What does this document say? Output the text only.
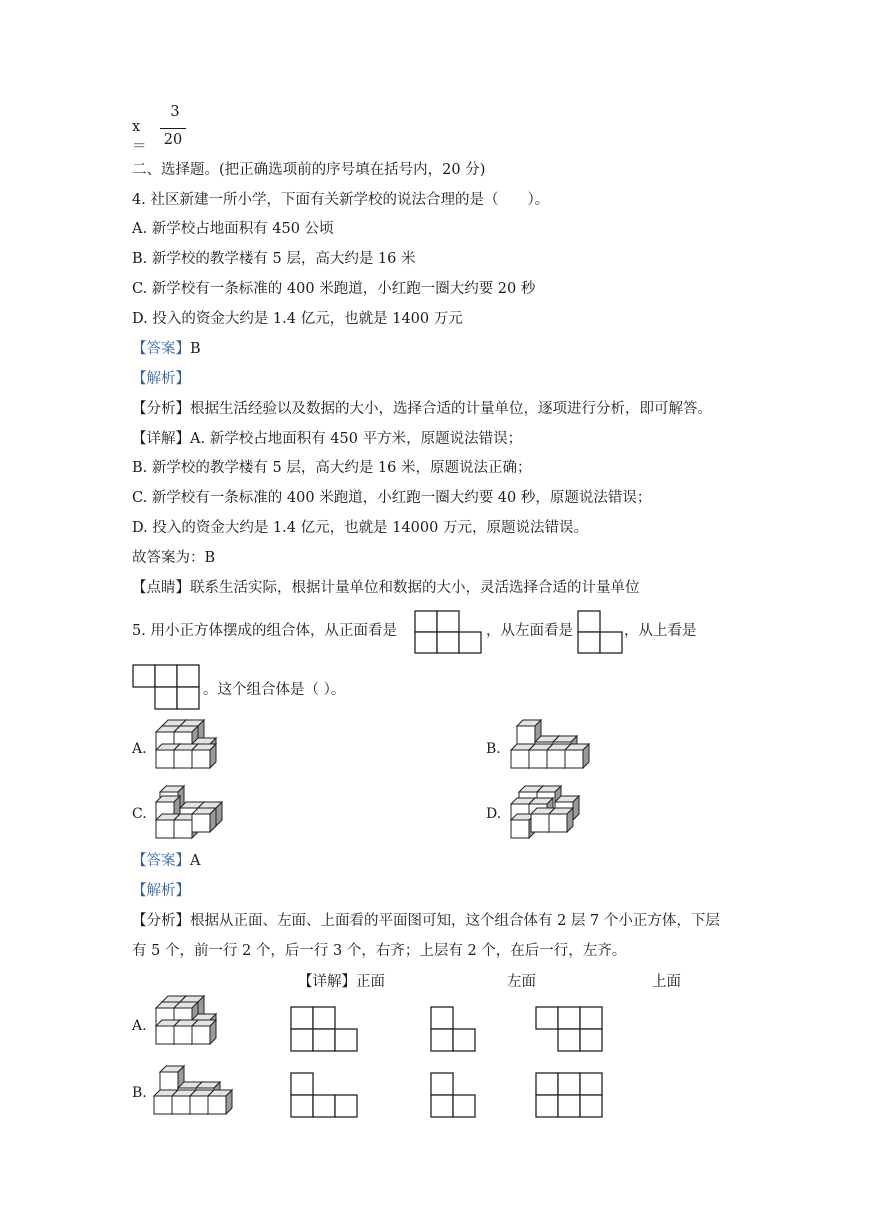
x＝
3
20
二、选择题。(把正确选项前的序号填在括号内，20 分)
4. 社区新建一所小学，下面有关新学校的说法合理的是（　　）。
A. 新学校占地面积有 450 公顷
B. 新学校的教学楼有 5 层，高大约是 16 米
C. 新学校有一条标准的 400 米跑道，小红跑一圈大约要 20 秒
D. 投入的资金大约是 1.4 亿元，也就是 1400 万元
【答案】B
【解析】
【分析】根据生活经验以及数据的大小，选择合适的计量单位，逐项进行分析，即可解答。
【详解】A. 新学校占地面积有 450 平方米，原题说法错误；
B. 新学校的教学楼有 5 层，高大约是 16 米，原题说法正确；
C. 新学校有一条标准的 400 米跑道，小红跑一圈大约要 40 秒，原题说法错误；
D. 投入的资金大约是 1.4 亿元，也就是 14000 万元，原题说法错误。
故答案为：B
【点睛】联系生活实际，根据计量单位和数据的大小，灵活选择合适的计量单位
5. 用小正方体摆成的组合体，从正面看是	，从左面看是	，从上看是
。这个组合体是（ ）。
A.	B.
C.	D.
【答案】A
【解析】
【分析】根据从正面、左面、上面看的平面图可知，这个组合体有 2 层 7 个小正方体，下层
有 5 个，前一行 2 个，后一行 3 个，右齐；上层有 2 个，在后一行，左齐。
【详解】正面	左面	上面
A.
B.
